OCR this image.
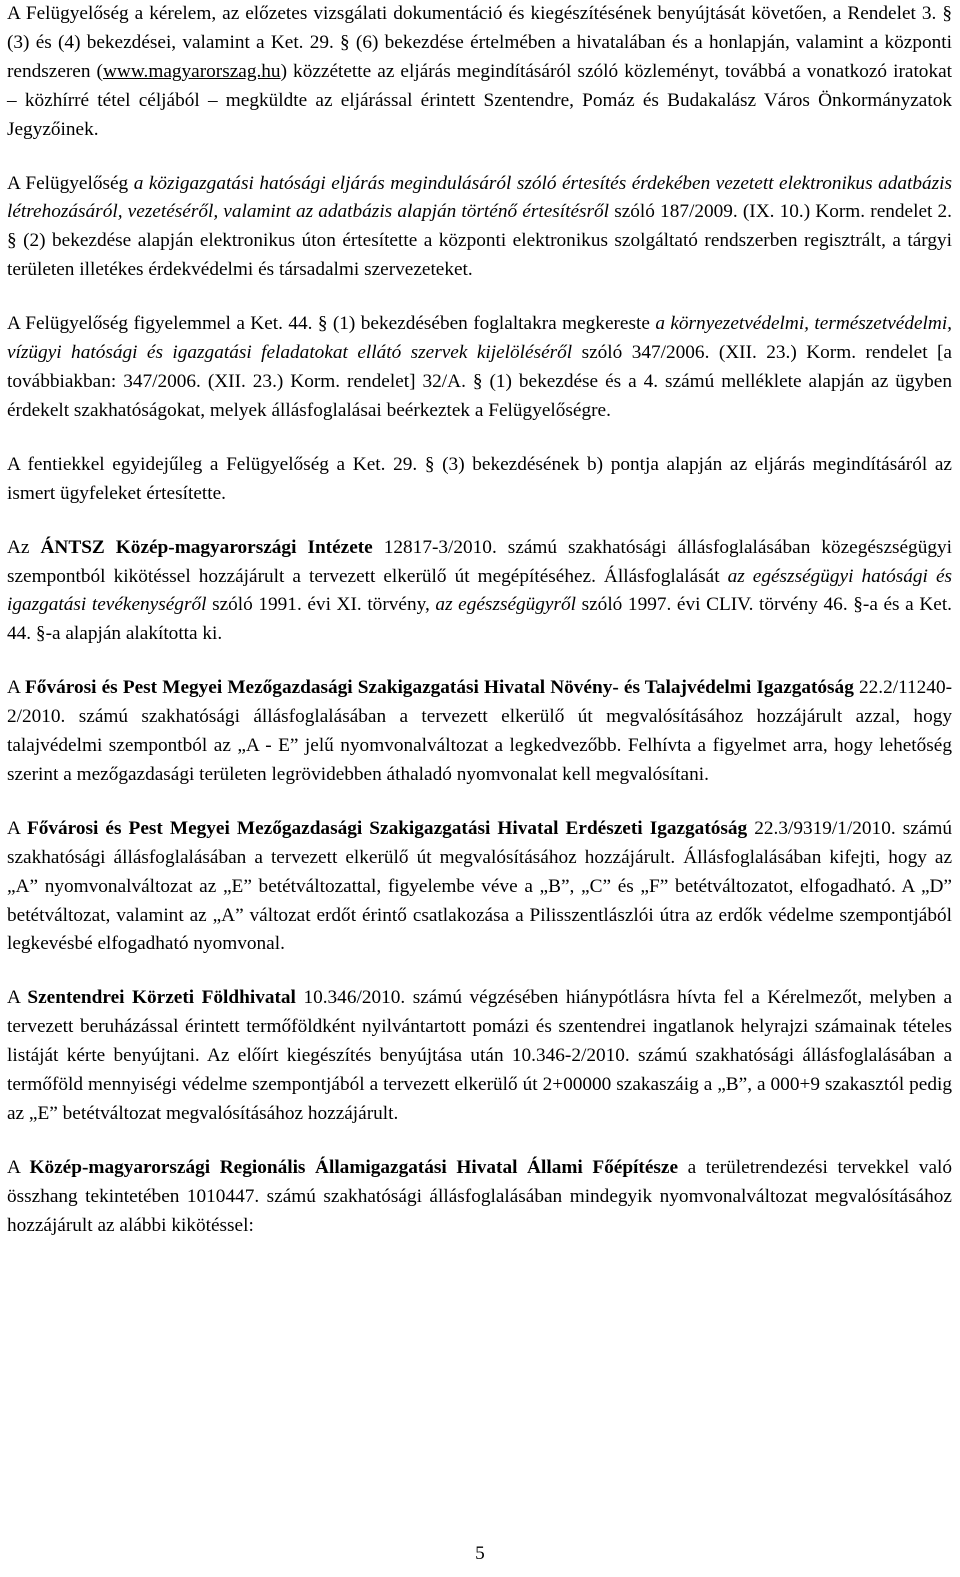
A Felügyelőség a kérelem, az előzetes vizsgálati dokumentáció és kiegészítésének benyújtását követően, a Rendelet 3. § (3) és (4) bekezdései, valamint a Ket. 29. § (6) bekezdése értelmében a hivatalában és a honlapján, valamint a központi rendszeren (www.magyarorszag.hu) közzétette az eljárás megindításáról szóló közleményt, továbbá a vonatkozó iratokat – közhírré tétel céljából – megküldte az eljárással érintett Szentendre, Pomáz és Budakalász Város Önkormányzatok Jegyzőinek.

A Felügyelőség a közigazgatási hatósági eljárás megindulásáról szóló értesítés érdekében vezetett elektronikus adatbázis létrehozásáról, vezetéséről, valamint az adatbázis alapján történő értesítésről szóló 187/2009. (IX. 10.) Korm. rendelet 2. § (2) bekezdése alapján elektronikus úton értesítette a központi elektronikus szolgáltató rendszerben regisztrált, a tárgyi területen illetékes érdekvédelmi és társadalmi szervezeteket.

A Felügyelőség figyelemmel a Ket. 44. § (1) bekezdésében foglaltakra megkereste a környezetvédelmi, természetvédelmi, vízügyi hatósági és igazgatási feladatokat ellátó szervek kijelöléséről szóló 347/2006. (XII. 23.) Korm. rendelet [a továbbiakban: 347/2006. (XII. 23.) Korm. rendelet] 32/A. § (1) bekezdése és a 4. számú melléklete alapján az ügyben érdekelt szakhatóságokat, melyek állásfoglalásai beérkeztek a Felügyelőségre.

A fentiekkel egyidejűleg a Felügyelőség a Ket. 29. § (3) bekezdésének b) pontja alapján az eljárás megindításáról az ismert ügyfeleket értesítette.

Az ÁNTSZ Közép-magyarországi Intézete 12817-3/2010. számú szakhatósági állásfoglalásában közegészségügyi szempontból kikötéssel hozzájárult a tervezett elkerülő út megépítéséhez. Állásfoglalását az egészségügyi hatósági és igazgatási tevékenységről szóló 1991. évi XI. törvény, az egészségügyről szóló 1997. évi CLIV. törvény 46. §-a és a Ket. 44. §-a alapján alakította ki.

A Fővárosi és Pest Megyei Mezőgazdasági Szakigazgatási Hivatal Növény- és Talajvédelmi Igazgatóság 22.2/11240-2/2010. számú szakhatósági állásfoglalásában a tervezett elkerülő út megvalósításához hozzájárult azzal, hogy talajvédelmi szempontból az „A - E” jelű nyomvonalváltozat a legkedvezőbb. Felhívta a figyelmet arra, hogy lehetőség szerint a mezőgazdasági területen legrövidebben áthaladó nyomvonalat kell megvalósítani.

A Fővárosi és Pest Megyei Mezőgazdasági Szakigazgatási Hivatal Erdészeti Igazgatóság 22.3/9319/1/2010. számú szakhatósági állásfoglalásában a tervezett elkerülő út megvalósításához hozzájárult. Állásfoglalásában kifejti, hogy az „A” nyomvonalváltozat az „E” betétváltozattal, figyelembe véve a „B”, „C” és „F” betétváltozatot, elfogadható. A „D” betétváltozat, valamint az „A” változat erdőt érintő csatlakozása a Pilisszentlászlói útra az erdők védelme szempontjából legkevésbé elfogadható nyomvonal.

A Szentendrei Körzeti Földhivatal 10.346/2010. számú végzésében hiánypótlásra hívta fel a Kérelmezőt, melyben a tervezett beruházással érintett termőföldként nyilvántartott pomázi és szentendrei ingatlanok helyrajzi számainak tételes listáját kérte benyújtani. Az előírt kiegészítés benyújtása után 10.346-2/2010. számú szakhatósági állásfoglalásában a termőföld mennyiségi védelme szempontjából a tervezett elkerülő út 2+00000 szakaszáig a „B”, a 000+9 szakasztól pedig az „E” betétváltozat megvalósításához hozzájárult.

A Közép-magyarországi Regionális Államigazgatási Hivatal Állami Főépítésze a területrendezési tervekkel való összhang tekintetében 1010447. számú szakhatósági állásfoglalásában mindegyik nyomvonalváltozat megvalósításához hozzájárult az alábbi kikötéssel:

5
